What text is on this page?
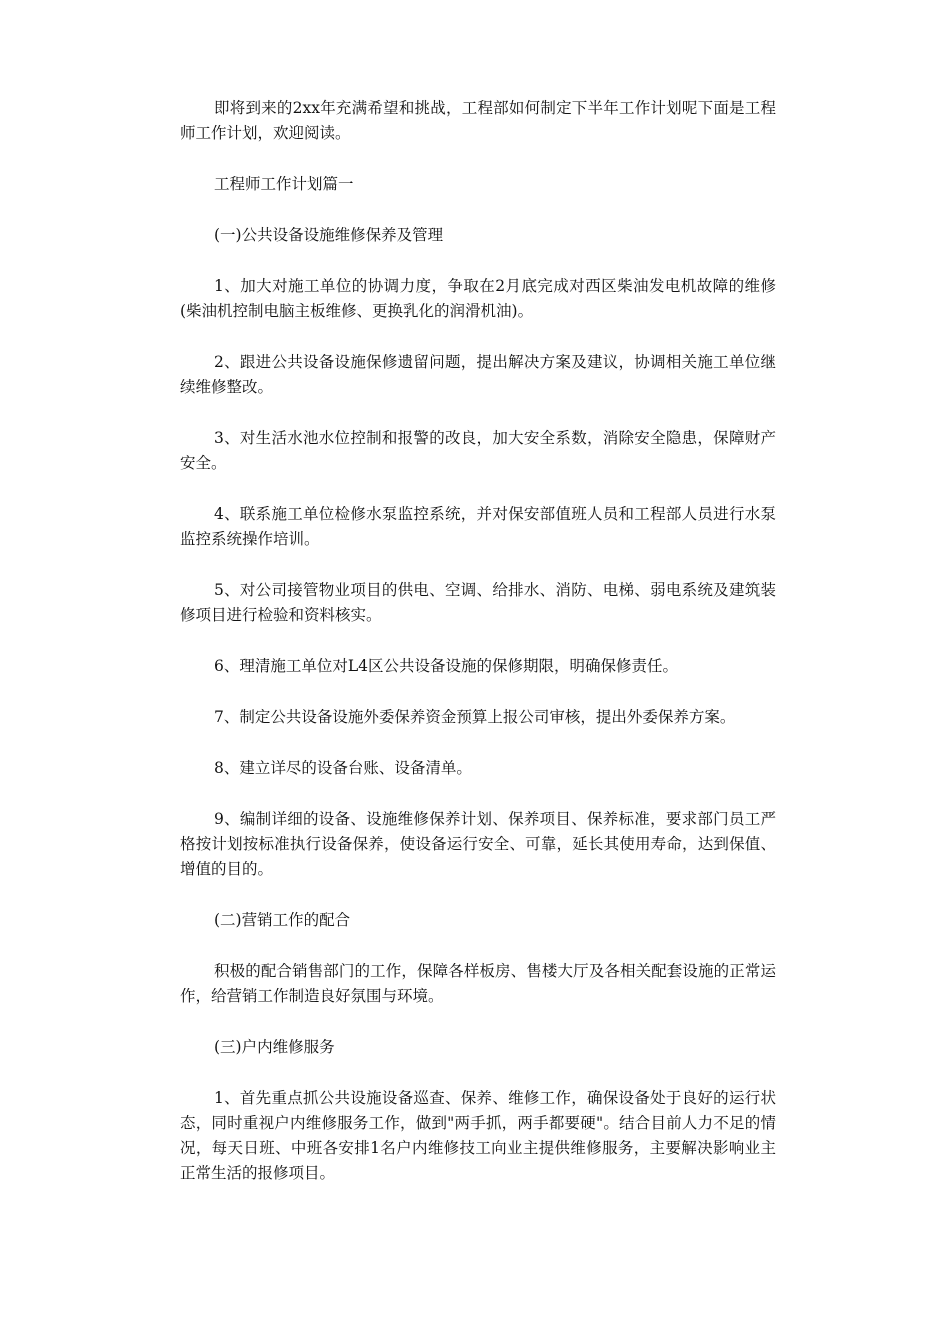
即将到来的2xx年充满希望和挑战，工程部如何制定下半年工作计划呢下面是工程师工作计划，欢迎阅读。

工程师工作计划篇一

(一)公共设备设施维修保养及管理

1、加大对施工单位的协调力度，争取在2月底完成对西区柴油发电机故障的维修(柴油机控制电脑主板维修、更换乳化的润滑机油)。

2、跟进公共设备设施保修遗留问题，提出解决方案及建议，协调相关施工单位继续维修整改。

3、对生活水池水位控制和报警的改良，加大安全系数，消除安全隐患，保障财产安全。

4、联系施工单位检修水泵监控系统，并对保安部值班人员和工程部人员进行水泵监控系统操作培训。

5、对公司接管物业项目的供电、空调、给排水、消防、电梯、弱电系统及建筑装修项目进行检验和资料核实。

6、理清施工单位对L4区公共设备设施的保修期限，明确保修责任。

7、制定公共设备设施外委保养资金预算上报公司审核，提出外委保养方案。

8、建立详尽的设备台账、设备清单。

9、编制详细的设备、设施维修保养计划、保养项目、保养标准，要求部门员工严格按计划按标准执行设备保养，使设备运行安全、可靠，延长其使用寿命，达到保值、增值的目的。

(二)营销工作的配合

积极的配合销售部门的工作，保障各样板房、售楼大厅及各相关配套设施的正常运作，给营销工作制造良好氛围与环境。

(三)户内维修服务

1、首先重点抓公共设施设备巡查、保养、维修工作，确保设备处于良好的运行状态，同时重视户内维修服务工作，做到"两手抓，两手都要硬"。结合目前人力不足的情况，每天日班、中班各安排1名户内维修技工向业主提供维修服务，主要解决影响业主正常生活的报修项目。
